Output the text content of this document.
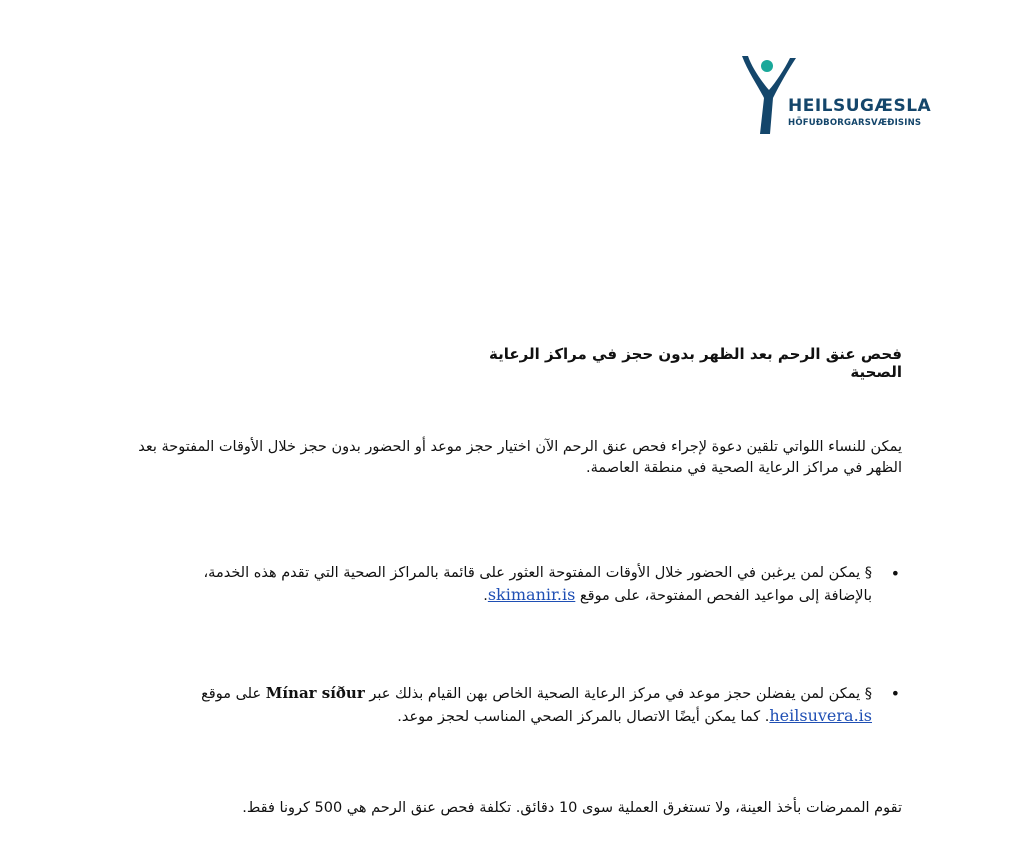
HEILSUGÆSLA
HÖFUÐBORGARSVÆÐISINS
فحص عنق الرحم بعد الظهر بدون حجز في مراكز الرعاية الصحية
يمكن للنساء اللواتي تلقين دعوة لإجراء فحص عنق الرحم الآن اختيار حجز موعد أو الحضور بدون حجز خلال الأوقات المفتوحة بعد الظهر في مراكز الرعاية الصحية في منطقة العاصمة.
•
§ يمكن لمن يرغبن في الحضور خلال الأوقات المفتوحة العثور على قائمة بالمراكز الصحية التي تقدم هذه الخدمة، بالإضافة إلى مواعيد الفحص المفتوحة، على موقع skimanir.is.
•
§ يمكن لمن يفضلن حجز موعد في مركز الرعاية الصحية الخاص بهن القيام بذلك عبر Mínar síður على موقع heilsuvera.is. كما يمكن أيضًا الاتصال بالمركز الصحي المناسب لحجز موعد.
تقوم الممرضات بأخذ العينة، ولا تستغرق العملية سوى 10 دقائق. تكلفة فحص عنق الرحم هي 500 كرونا فقط.
